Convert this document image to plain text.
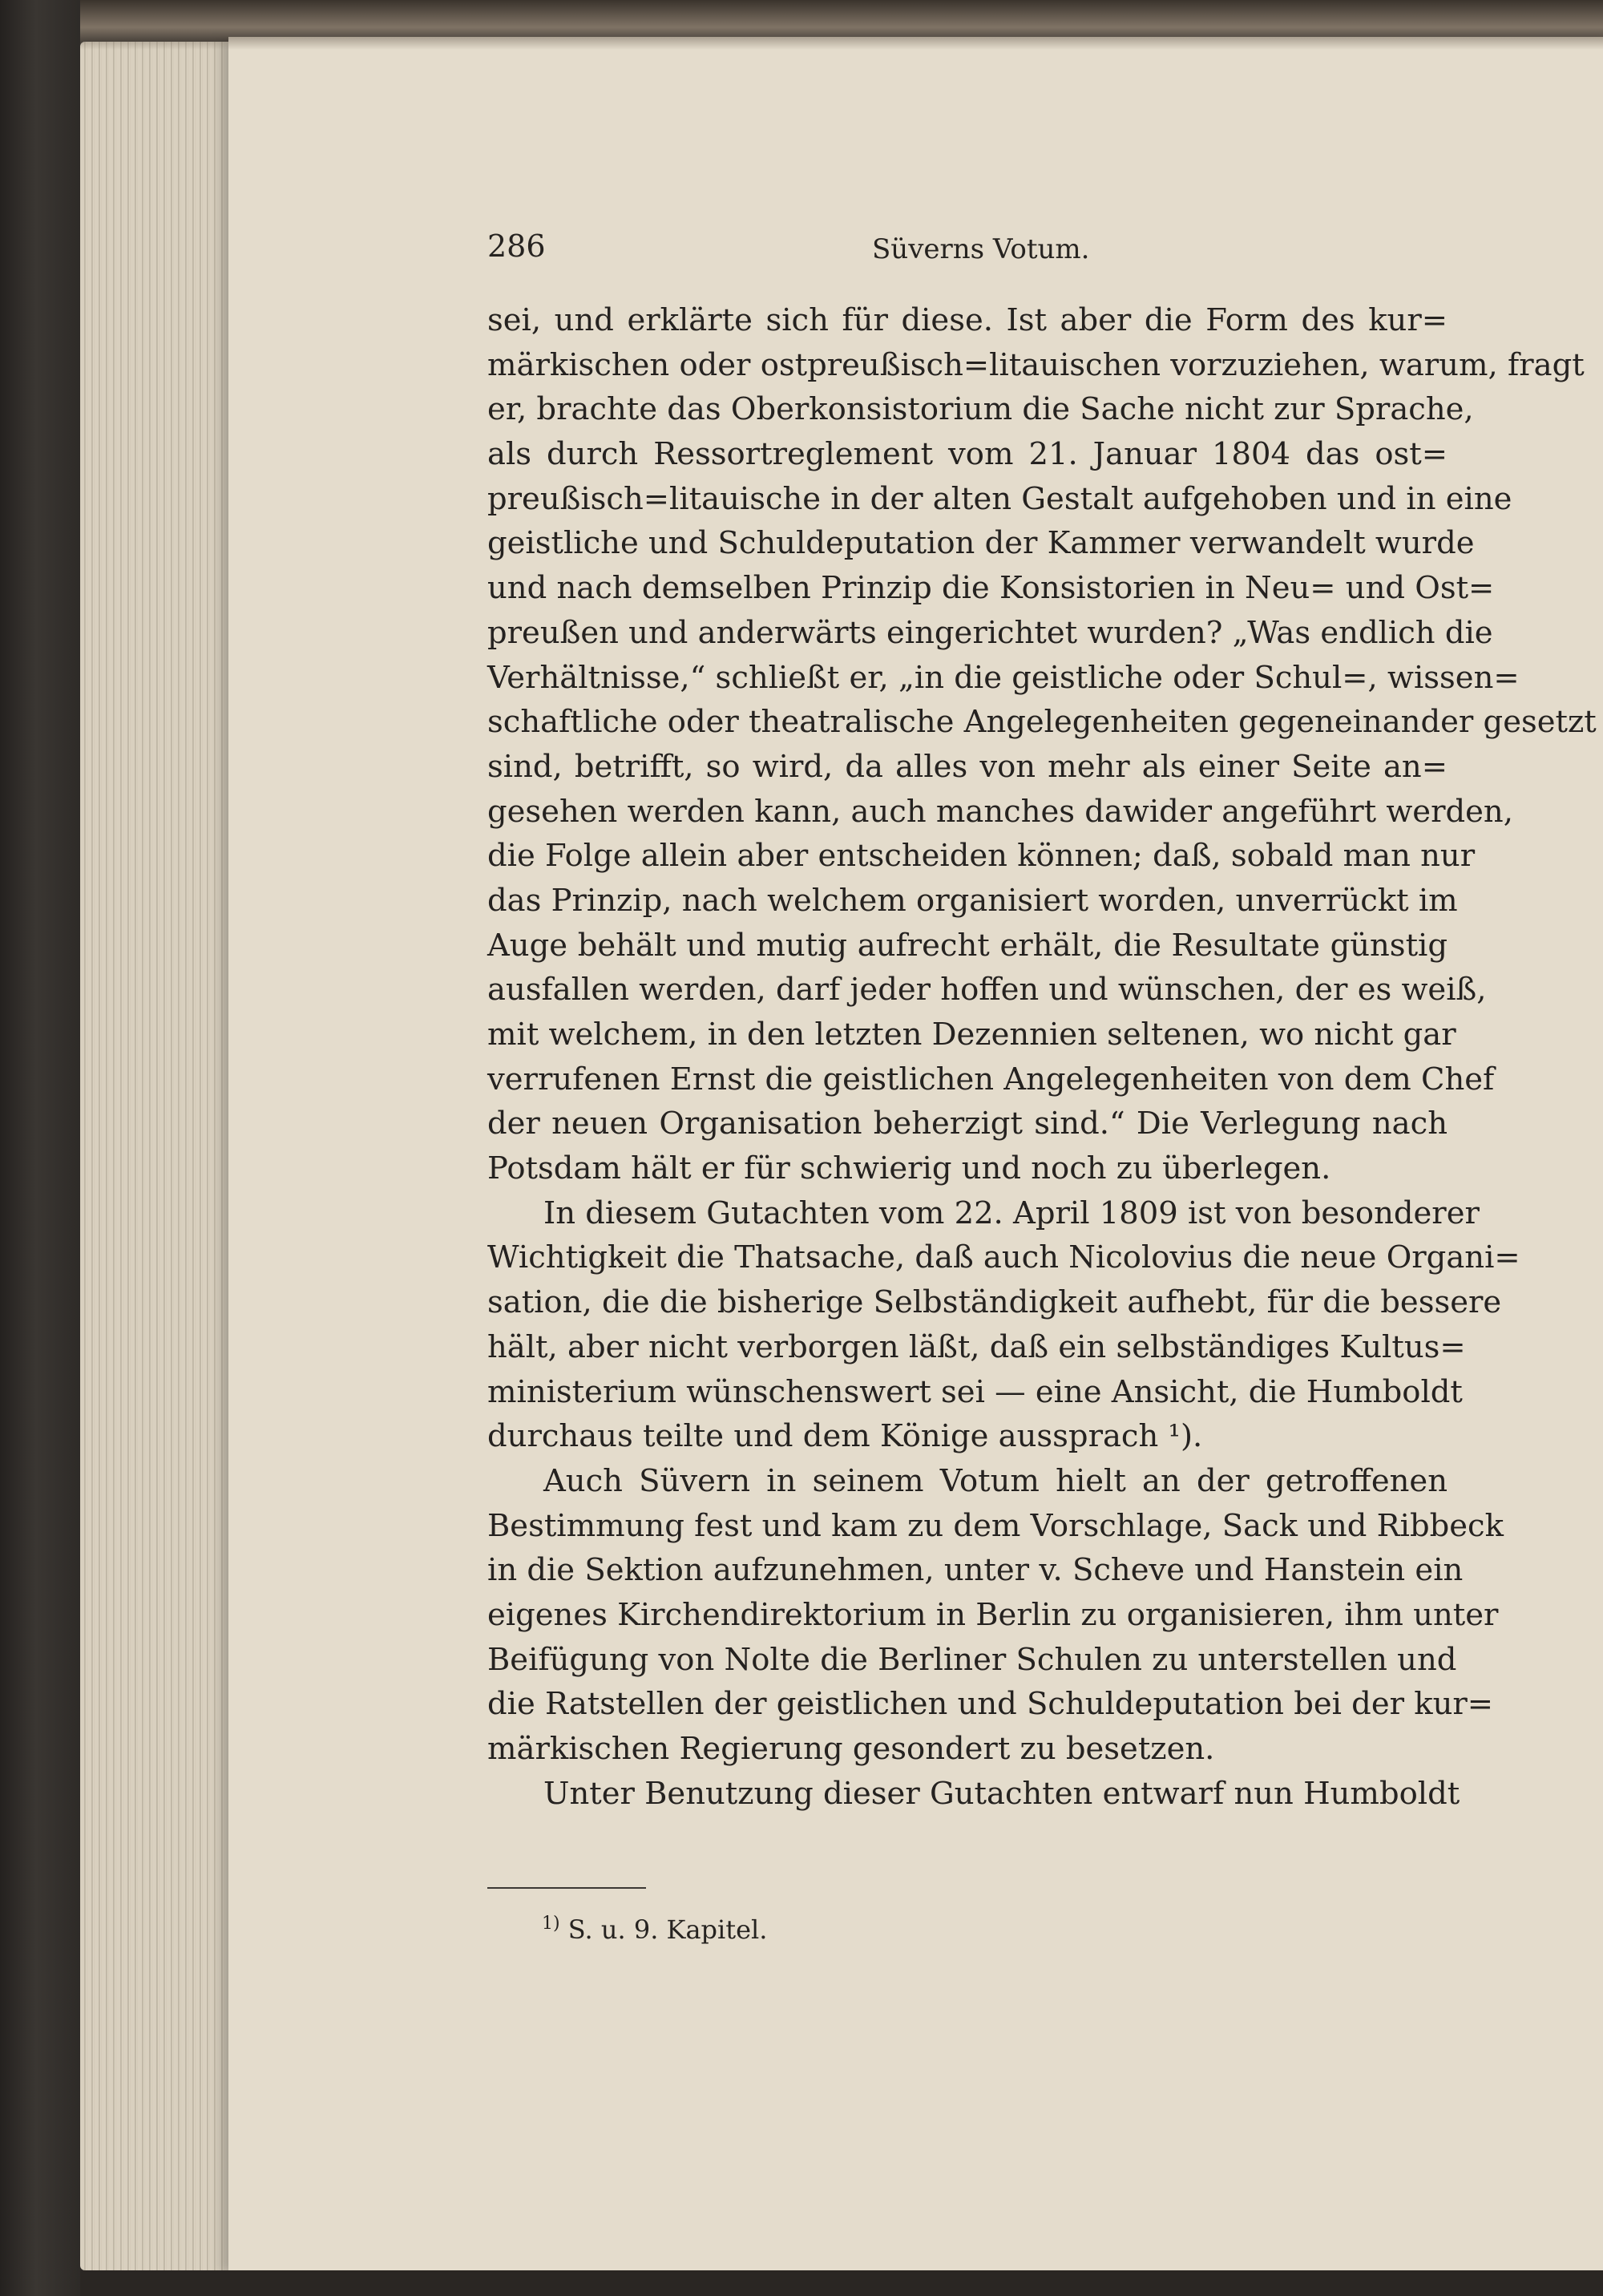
286	Süverns Votum.
sei, und erklärte sich für diese. Ist aber die Form des kur=
märkischen oder ostpreußisch=litauischen vorzuziehen, warum, fragt
er, brachte das Oberkonsistorium die Sache nicht zur Sprache,
als durch Ressortreglement vom 21. Januar 1804 das ost=
preußisch=litauische in der alten Gestalt aufgehoben und in eine
geistliche und Schuldeputation der Kammer verwandelt wurde
und nach demselben Prinzip die Konsistorien in Neu= und Ost=
preußen und anderwärts eingerichtet wurden? „Was endlich die
Verhältnisse,“ schließt er, „in die geistliche oder Schul=, wissen=
schaftliche oder theatralische Angelegenheiten gegeneinander gesetzt
sind, betrifft, so wird, da alles von mehr als einer Seite an=
gesehen werden kann, auch manches dawider angeführt werden,
die Folge allein aber entscheiden können; daß, sobald man nur
das Prinzip, nach welchem organisiert worden, unverrückt im
Auge behält und mutig aufrecht erhält, die Resultate günstig
ausfallen werden, darf jeder hoffen und wünschen, der es weiß,
mit welchem, in den letzten Dezennien seltenen, wo nicht gar
verrufenen Ernst die geistlichen Angelegenheiten von dem Chef
der neuen Organisation beherzigt sind.“ Die Verlegung nach
Potsdam hält er für schwierig und noch zu überlegen.
In diesem Gutachten vom 22. April 1809 ist von besonderer
Wichtigkeit die Thatsache, daß auch Nicolovius die neue Organi=
sation, die die bisherige Selbständigkeit aufhebt, für die bessere
hält, aber nicht verborgen läßt, daß ein selbständiges Kultus=
ministerium wünschenswert sei — eine Ansicht, die Humboldt
durchaus teilte und dem Könige aussprach ¹).
Auch Süvern in seinem Votum hielt an der getroffenen
Bestimmung fest und kam zu dem Vorschlage, Sack und Ribbeck
in die Sektion aufzunehmen, unter v. Scheve und Hanstein ein
eigenes Kirchendirektorium in Berlin zu organisieren, ihm unter
Beifügung von Nolte die Berliner Schulen zu unterstellen und
die Ratstellen der geistlichen und Schuldeputation bei der kur=
märkischen Regierung gesondert zu besetzen.
Unter Benutzung dieser Gutachten entwarf nun Humboldt
$^{1)}$ S. u. 9. Kapitel.
